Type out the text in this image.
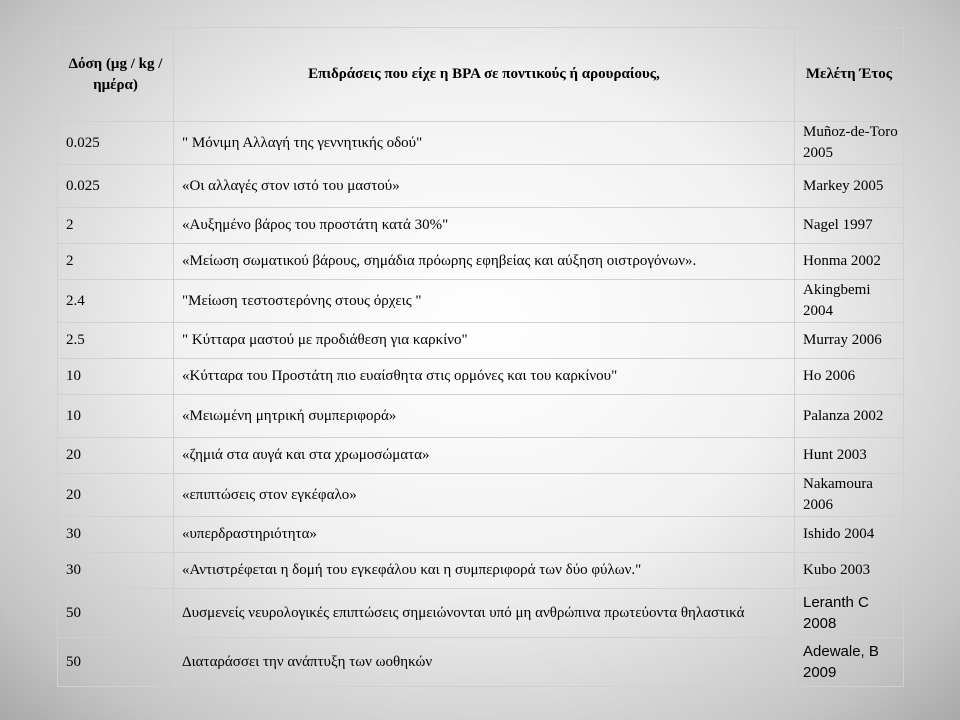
Δόση (μg / kg / ημέρα)	Επιδράσεις που είχε η BPA σε ποντικούς ή αρουραίους,	Μελέτη Έτος
0.025	" Μόνιμη Αλλαγή της γεννητικής οδού"	Muñoz-de-Toro 2005
0.025	«Οι αλλαγές στον ιστό του μαστού»	Markey 2005
2	«Αυξημένο βάρος του προστάτη κατά 30%"	Nagel 1997
2	«Μείωση σωματικού βάρους, σημάδια πρόωρης εφηβείας και αύξηση οιστρογόνων».	Honma 2002
2.4	"Μείωση τεστοστερόνης στους όρχεις "	Akingbemi 2004
2.5	" Κύτταρα μαστού με προδιάθεση για καρκίνο"	Murray 2006
10	«Κύτταρα του Προστάτη πιο ευαίσθητα στις ορμόνες και του καρκίνου"	Ho 2006
10	«Μειωμένη μητρική συμπεριφορά»	Palanza 2002
20	«ζημιά στα αυγά και στα χρωμοσώματα»	Hunt 2003
20	«επιπτώσεις στον εγκέφαλο»	Nakamoura 2006
30	«υπερδραστηριότητα»	Ishido 2004
30	«Αντιστρέφεται η δομή του εγκεφάλου και η συμπεριφορά των δύο φύλων."	Kubo 2003
50	Δυσμενείς νευρολογικές επιπτώσεις σημειώνονται υπό μη ανθρώπινα πρωτεύοντα θηλαστικά	Leranth C 2008
50	Διαταράσσει την ανάπτυξη των ωοθηκών	Adewale, B 2009
